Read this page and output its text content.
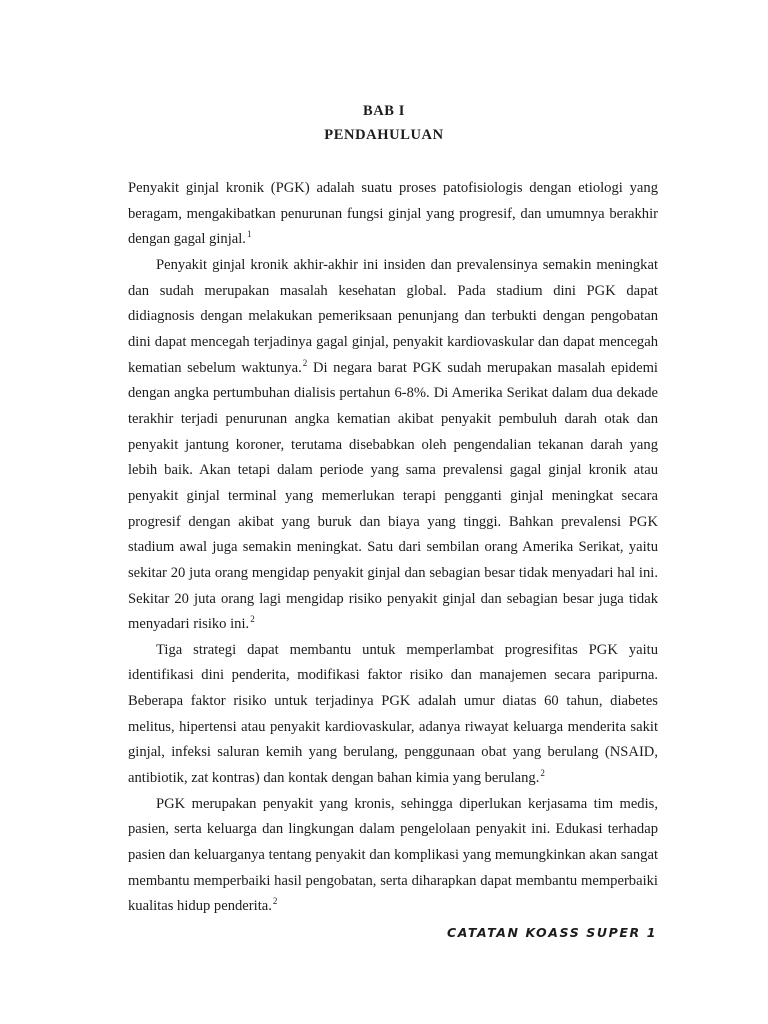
BAB I
PENDAHULUAN

Penyakit ginjal kronik (PGK) adalah suatu proses patofisiologis dengan etiologi yang beragam, mengakibatkan penurunan fungsi ginjal yang progresif, dan umumnya berakhir dengan gagal ginjal.$^1$

Penyakit ginjal kronik akhir-akhir ini insiden dan prevalensinya semakin meningkat dan sudah merupakan masalah kesehatan global. Pada stadium dini PGK dapat didiagnosis dengan melakukan pemeriksaan penunjang dan terbukti dengan pengobatan dini dapat mencegah terjadinya gagal ginjal, penyakit kardiovaskular dan dapat mencegah kematian sebelum waktunya.$^2$ Di negara barat PGK sudah merupakan masalah epidemi dengan angka pertumbuhan dialisis pertahun 6-8%. Di Amerika Serikat dalam dua dekade terakhir terjadi penurunan angka kematian akibat penyakit pembuluh darah otak dan penyakit jantung koroner, terutama disebabkan oleh pengendalian tekanan darah yang lebih baik. Akan tetapi dalam periode yang sama prevalensi gagal ginjal kronik atau penyakit ginjal terminal yang memerlukan terapi pengganti ginjal meningkat secara progresif dengan akibat yang buruk dan biaya yang tinggi. Bahkan prevalensi PGK stadium awal juga semakin meningkat. Satu dari sembilan orang Amerika Serikat, yaitu sekitar 20 juta orang mengidap penyakit ginjal dan sebagian besar tidak menyadari hal ini. Sekitar 20 juta orang lagi mengidap risiko penyakit ginjal dan sebagian besar juga tidak menyadari risiko ini.$^2$

Tiga strategi dapat membantu untuk memperlambat progresifitas PGK yaitu identifikasi dini penderita, modifikasi faktor risiko dan manajemen secara paripurna. Beberapa faktor risiko untuk terjadinya PGK adalah umur diatas 60 tahun, diabetes melitus, hipertensi atau penyakit kardiovaskular, adanya riwayat keluarga menderita sakit ginjal, infeksi saluran kemih yang berulang, penggunaan obat yang berulang (NSAID, antibiotik, zat kontras) dan kontak dengan bahan kimia yang berulang.$^2$

PGK merupakan penyakit yang kronis, sehingga diperlukan kerjasama tim medis, pasien, serta keluarga dan lingkungan dalam pengelolaan penyakit ini. Edukasi terhadap pasien dan keluarganya tentang penyakit dan komplikasi yang memungkinkan akan sangat membantu memperbaiki hasil pengobatan, serta diharapkan dapat membantu memperbaiki kualitas hidup penderita.$^2$

CATATAN KOASS SUPER 1
